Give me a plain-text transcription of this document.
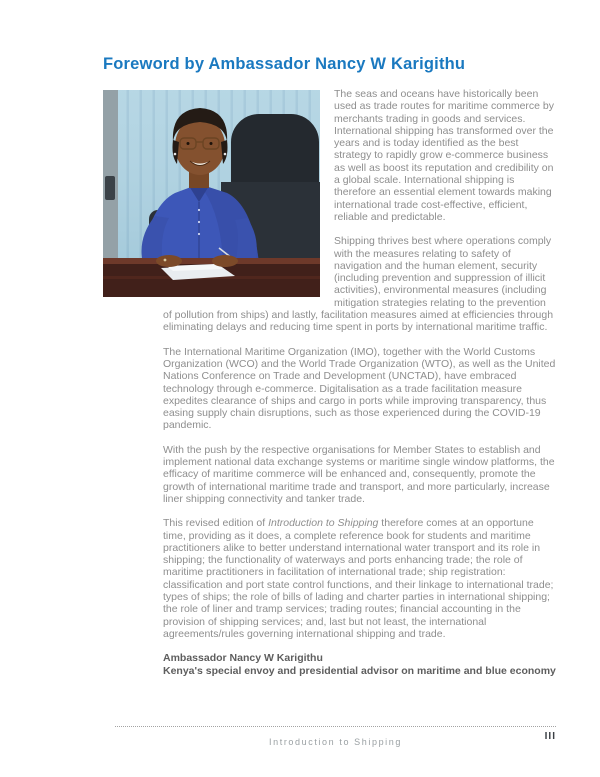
Foreword by Ambassador Nancy W Karigithu

The seas and oceans have historically been used as trade routes for maritime commerce by merchants trading in goods and services. International shipping has transformed over the years and is today identified as the best strategy to rapidly grow e-commerce business as well as boost its reputation and credibility on a global scale. International shipping is therefore an essential element towards making international trade cost-effective, efficient, reliable and predictable.

Shipping thrives best where operations comply with the measures relating to safety of navigation and the human element, security (including prevention and suppression of illicit activities), environmental measures (including mitigation strategies relating to the prevention of pollution from ships) and lastly, facilitation measures aimed at efficiencies through eliminating delays and reducing time spent in ports by international maritime traffic.

The International Maritime Organization (IMO), together with the World Customs Organization (WCO) and the World Trade Organization (WTO), as well as the United Nations Conference on Trade and Development (UNCTAD), have embraced technology through e-commerce. Digitalisation as a trade facilitation measure expedites clearance of ships and cargo in ports while improving transparency, thus easing supply chain disruptions, such as those experienced during the COVID-19 pandemic.

With the push by the respective organisations for Member States to establish and implement national data exchange systems or maritime single window platforms, the efficacy of maritime commerce will be enhanced and, consequently, promote the growth of international maritime trade and transport, and more particularly, increase liner shipping connectivity and tanker trade.

This revised edition of Introduction to Shipping therefore comes at an opportune time, providing as it does, a complete reference book for students and maritime practitioners alike to better understand international water transport and its role in shipping; the functionality of waterways and ports enhancing trade; the role of maritime practitioners in facilitation of international trade; ship registration: classification and port state control functions, and their linkage to international trade; types of ships; the role of bills of lading and charter parties in international shipping; the role of liner and tramp services; trading routes; financial accounting in the provision of shipping services; and, last but not least, the international agreements/rules governing international shipping and trade.

Ambassador Nancy W Karigithu
Kenya's special envoy and presidential advisor on maritime and blue economy
Introduction to Shipping	III
